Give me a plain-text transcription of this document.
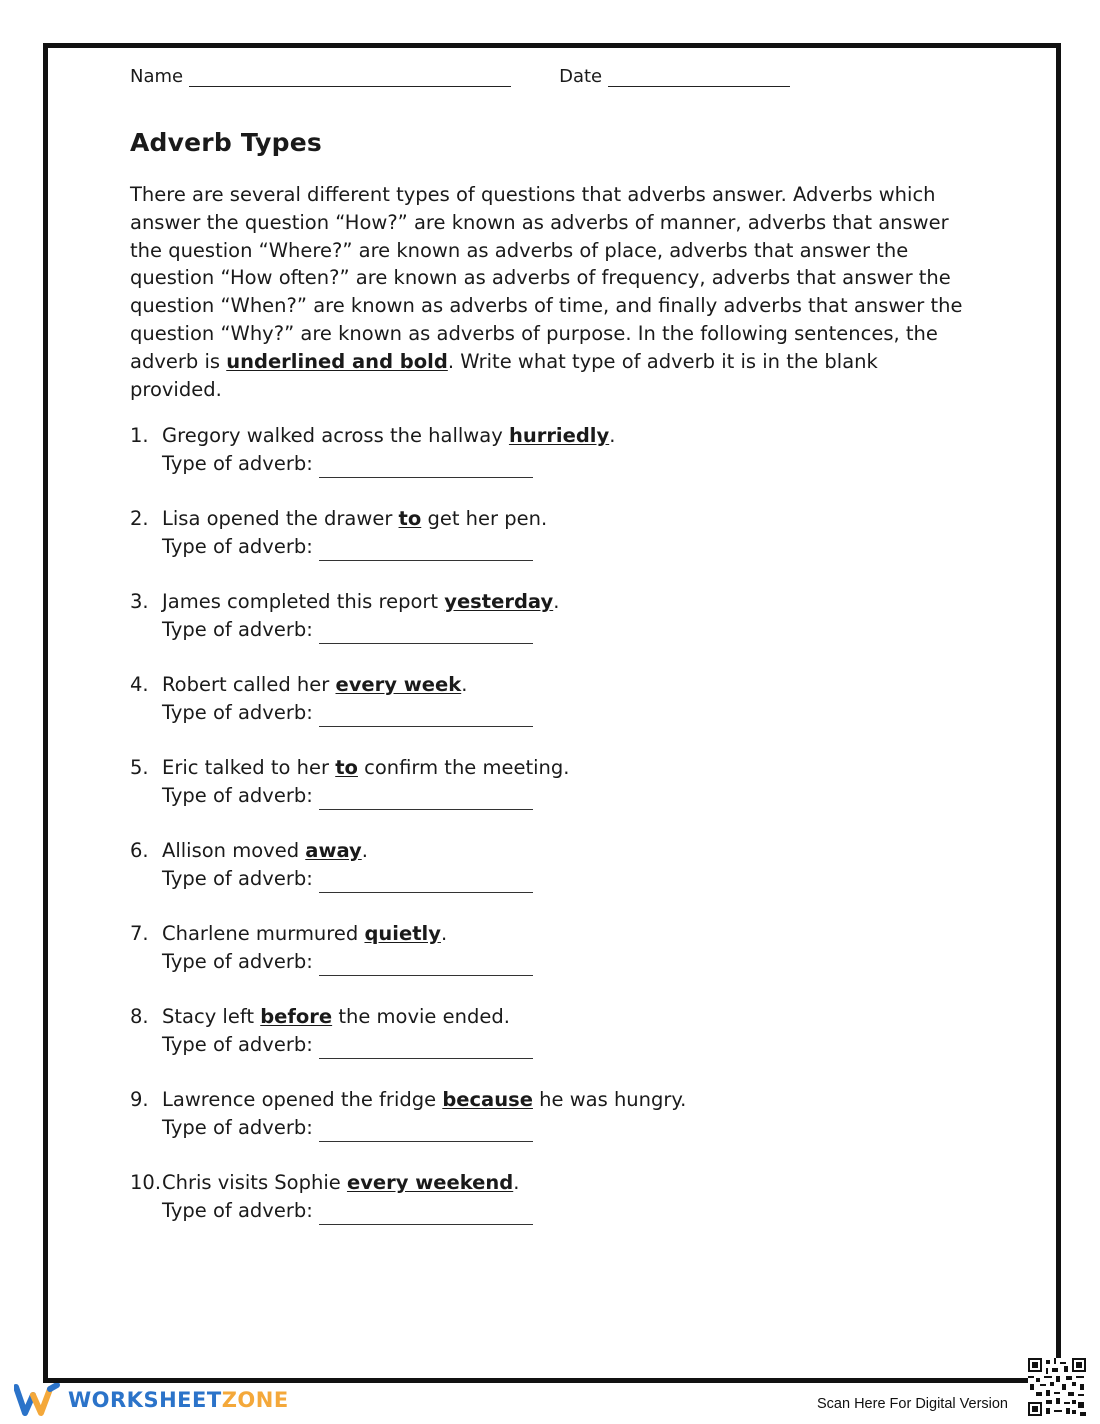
Name	Date
Adverb Types

There are several different types of questions that adverbs answer. Adverbs which answer the question “How?” are known as adverbs of manner, adverbs that answer the question “Where?” are known as adverbs of place, adverbs that answer the question “How often?” are known as adverbs of frequency, adverbs that answer the question “When?” are known as adverbs of time, and finally adverbs that answer the question “Why?” are known as adverbs of purpose. In the following sentences, the adverb is underlined and bold. Write what type of adverb it is in the blank provided.

1. Gregory walked across the hallway hurriedly.
Type of adverb:
2. Lisa opened the drawer to get her pen.
Type of adverb:
3. James completed this report yesterday.
Type of adverb:
4. Robert called her every week.
Type of adverb:
5. Eric talked to her to confirm the meeting.
Type of adverb:
6. Allison moved away.
Type of adverb:
7. Charlene murmured quietly.
Type of adverb:
8. Stacy left before the movie ended.
Type of adverb:
9. Lawrence opened the fridge because he was hungry.
Type of adverb:
10. Chris visits Sophie every weekend.
Type of adverb:
WORKSHEETZONE	Scan Here For Digital Version
